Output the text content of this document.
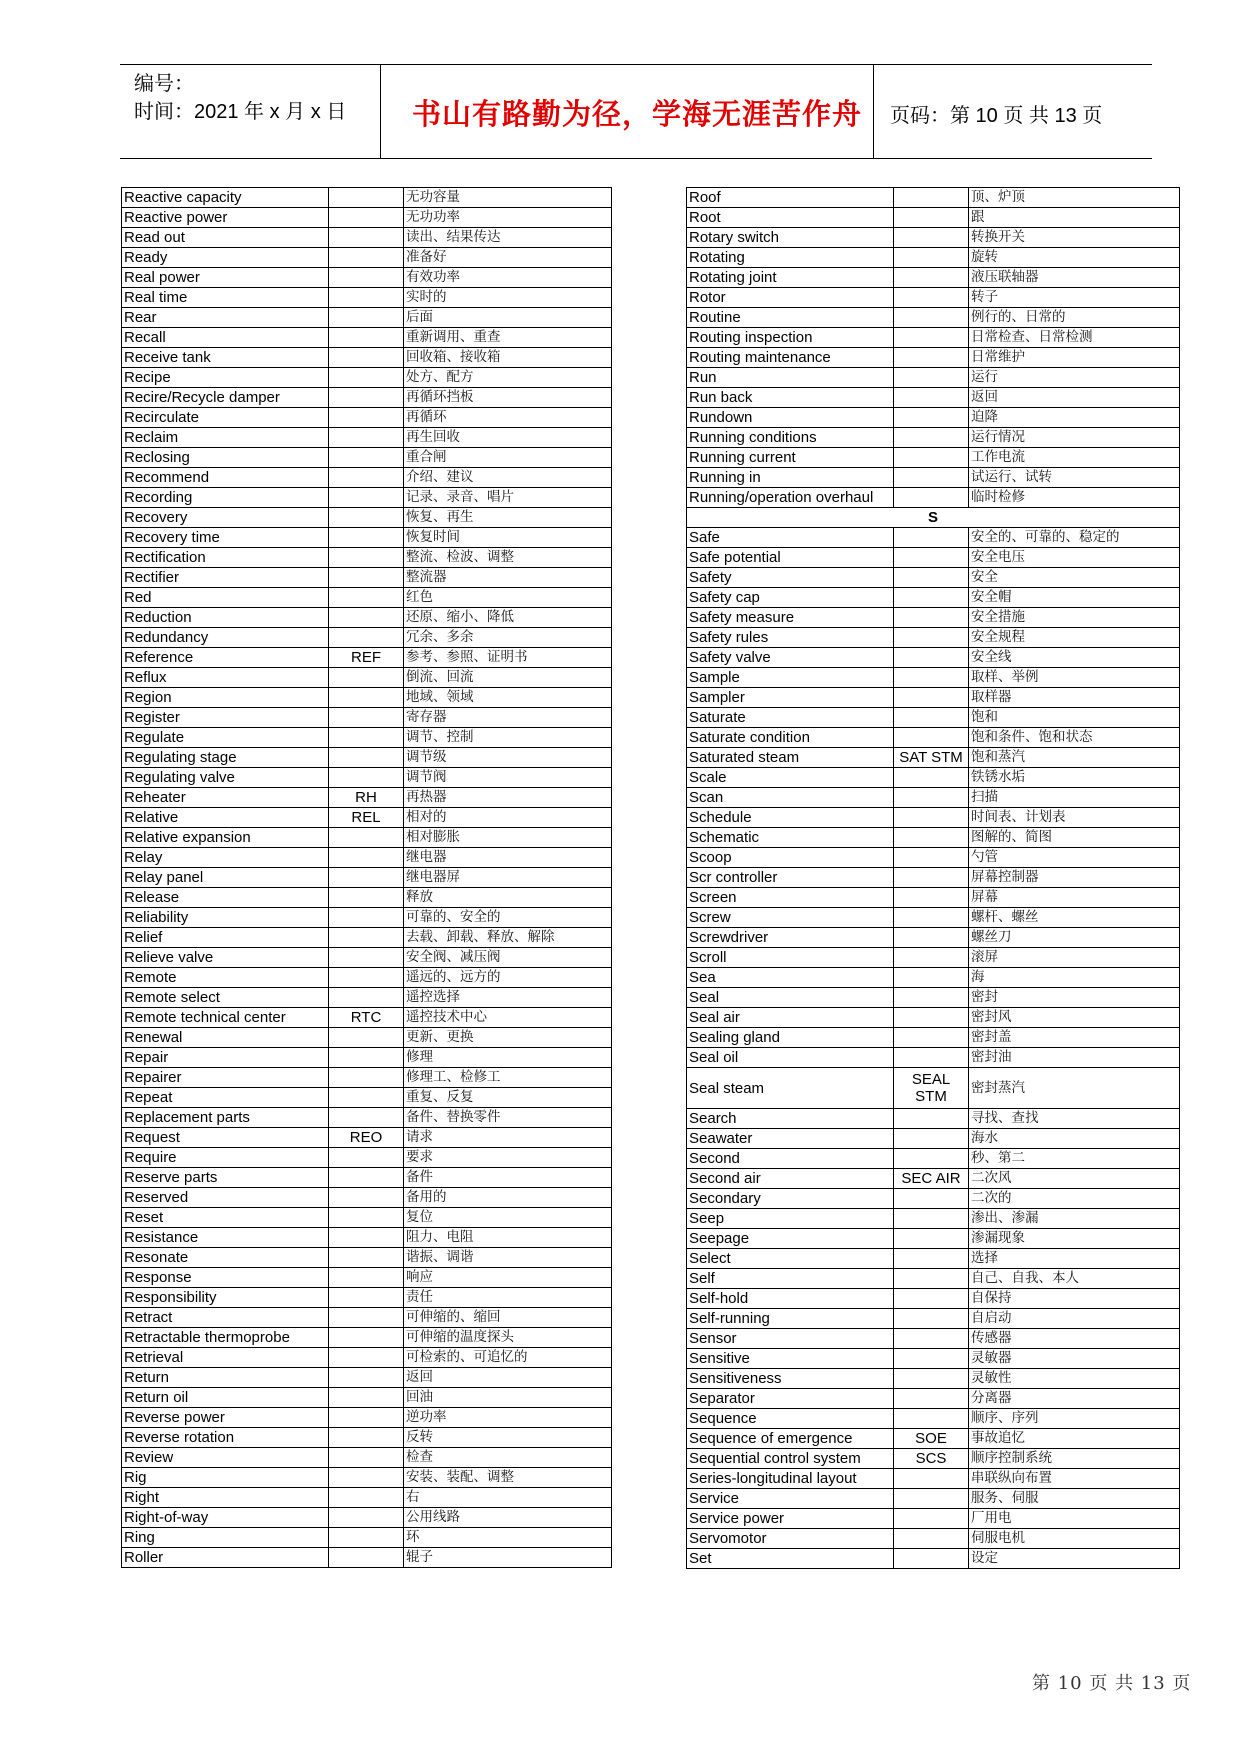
编号：
时间：2021 年 x 月 x 日 书山有路勤为径，学海无涯苦作舟 页码：第 10 页 共 13 页
Reactive capacity		无功容量
Reactive power		无功功率
Read out		读出、结果传达
Ready		准备好
Real power		有效功率
Real time		实时的
Rear		后面
Recall		重新调用、重查
Receive tank		回收箱、接收箱
Recipe		处方、配方
Recire/Recycle damper		再循环挡板
Recirculate		再循环
Reclaim		再生回收
Reclosing		重合闸
Recommend		介绍、建议
Recording		记录、录音、唱片
Recovery		恢复、再生
Recovery time		恢复时间
Rectification		整流、检波、调整
Rectifier		整流器
Red		红色
Reduction		还原、缩小、降低
Redundancy		冗余、多余
Reference	REF	参考、参照、证明书
Reflux		倒流、回流
Region		地域、领域
Register		寄存器
Regulate		调节、控制
Regulating stage		调节级
Regulating valve		调节阀
Reheater	RH	再热器
Relative	REL	相对的
Relative expansion		相对膨胀
Relay		继电器
Relay panel		继电器屏
Release		释放
Reliability		可靠的、安全的
Relief		去载、卸载、释放、解除
Relieve valve		安全阀、减压阀
Remote		遥远的、远方的
Remote select		遥控选择
Remote technical center	RTC	遥控技术中心
Renewal		更新、更换
Repair		修理
Repairer		修理工、检修工
Repeat		重复、反复
Replacement parts		备件、替换零件
Request	REO	请求
Require		要求
Reserve parts		备件
Reserved		备用的
Reset		复位
Resistance		阻力、电阻
Resonate		谐振、调谐
Response		响应
Responsibility		责任
Retract		可伸缩的、缩回
Retractable thermoprobe		可伸缩的温度探头
Retrieval		可检索的、可追忆的
Return		返回
Return oil		回油
Reverse power		逆功率
Reverse rotation		反转
Review		检查
Rig		安装、装配、调整
Right		右
Right-of-way		公用线路
Ring		环
Roller		辊子
Roof		顶、炉顶
Root		跟
Rotary switch		转换开关
Rotating		旋转
Rotating joint		液压联轴器
Rotor		转子
Routine		例行的、日常的
Routing inspection		日常检查、日常检测
Routing maintenance		日常维护
Run		运行
Run back		返回
Rundown		迫降
Running conditions		运行情况
Running current		工作电流
Running in		试运行、试转
Running/operation overhaul		临时检修
S		
Safe		安全的、可靠的、稳定的
Safe potential		安全电压
Safety		安全
Safety cap		安全帽
Safety measure		安全措施
Safety rules		安全规程
Safety valve		安全线
Sample		取样、举例
Sampler		取样器
Saturate		饱和
Saturate condition		饱和条件、饱和状态
Saturated steam	SAT STM	饱和蒸汽
Scale		铁锈水垢
Scan		扫描
Schedule		时间表、计划表
Schematic		图解的、简图
Scoop		勺管
Scr controller		屏幕控制器
Screen		屏幕
Screw		螺杆、螺丝
Screwdriver		螺丝刀
Scroll		滚屏
Sea		海
Seal		密封
Seal air		密封风
Sealing gland		密封盖
Seal oil		密封油
Seal steam	SEAL STM	密封蒸汽
Search		寻找、查找
Seawater		海水
Second		秒、第二
Second air	SEC AIR	二次风
Secondary		二次的
Seep		渗出、渗漏
Seepage		渗漏现象
Select		选择
Self		自己、自我、本人
Self-hold		自保持
Self-running		自启动
Sensor		传感器
Sensitive		灵敏器
Sensitiveness		灵敏性
Separator		分离器
Sequence		顺序、序列
Sequence of emergence	SOE	事故追忆
Sequential control system	SCS	顺序控制系统
Series-longitudinal layout		串联纵向布置
Service		服务、伺服
Service power		厂用电
Servomotor		伺服电机
Set		设定
第 10 页 共 13 页
